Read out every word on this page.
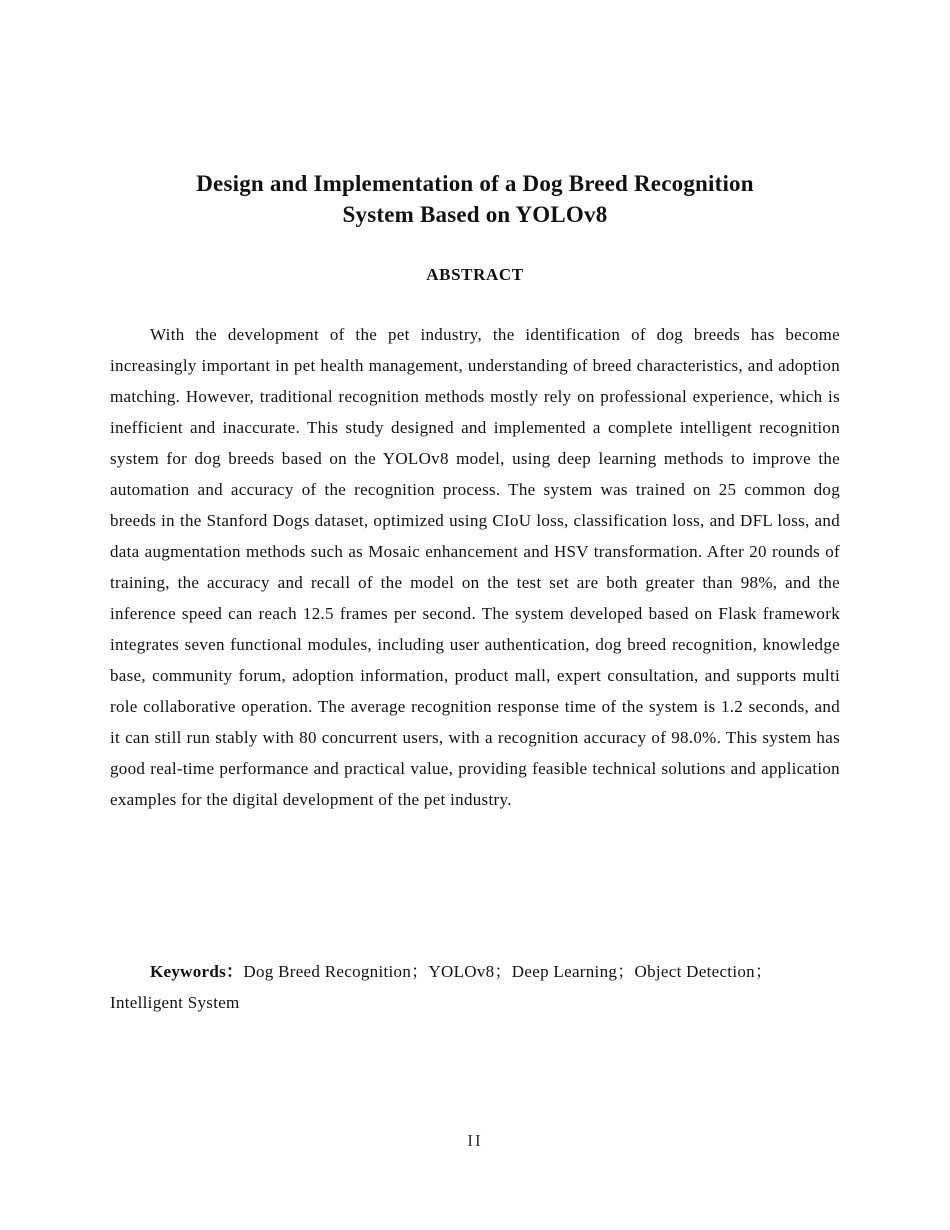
Design and Implementation of a Dog Breed Recognition
System Based on YOLOv8
ABSTRACT

With the development of the pet industry, the identification of dog breeds has become increasingly important in pet health management, understanding of breed characteristics, and adoption matching. However, traditional recognition methods mostly rely on professional experience, which is inefficient and inaccurate. This study designed and implemented a complete intelligent recognition system for dog breeds based on the YOLOv8 model, using deep learning methods to improve the automation and accuracy of the recognition process. The system was trained on 25 common dog breeds in the Stanford Dogs dataset, optimized using CIoU loss, classification loss, and DFL loss, and data augmentation methods such as Mosaic enhancement and HSV transformation. After 20 rounds of training, the accuracy and recall of the model on the test set are both greater than 98%, and the inference speed can reach 12.5 frames per second. The system developed based on Flask framework integrates seven functional modules, including user authentication, dog breed recognition, knowledge base, community forum, adoption information, product mall, expert consultation, and supports multi role collaborative operation. The average recognition response time of the system is 1.2 seconds, and it can still run stably with 80 concurrent users, with a recognition accuracy of 98.0%. This system has good real-time performance and practical value, providing feasible technical solutions and application examples for the digital development of the pet industry.

Keywords：Dog Breed Recognition ； YOLOv8 ； Deep Learning ； Object Detection ；Intelligent System

II
